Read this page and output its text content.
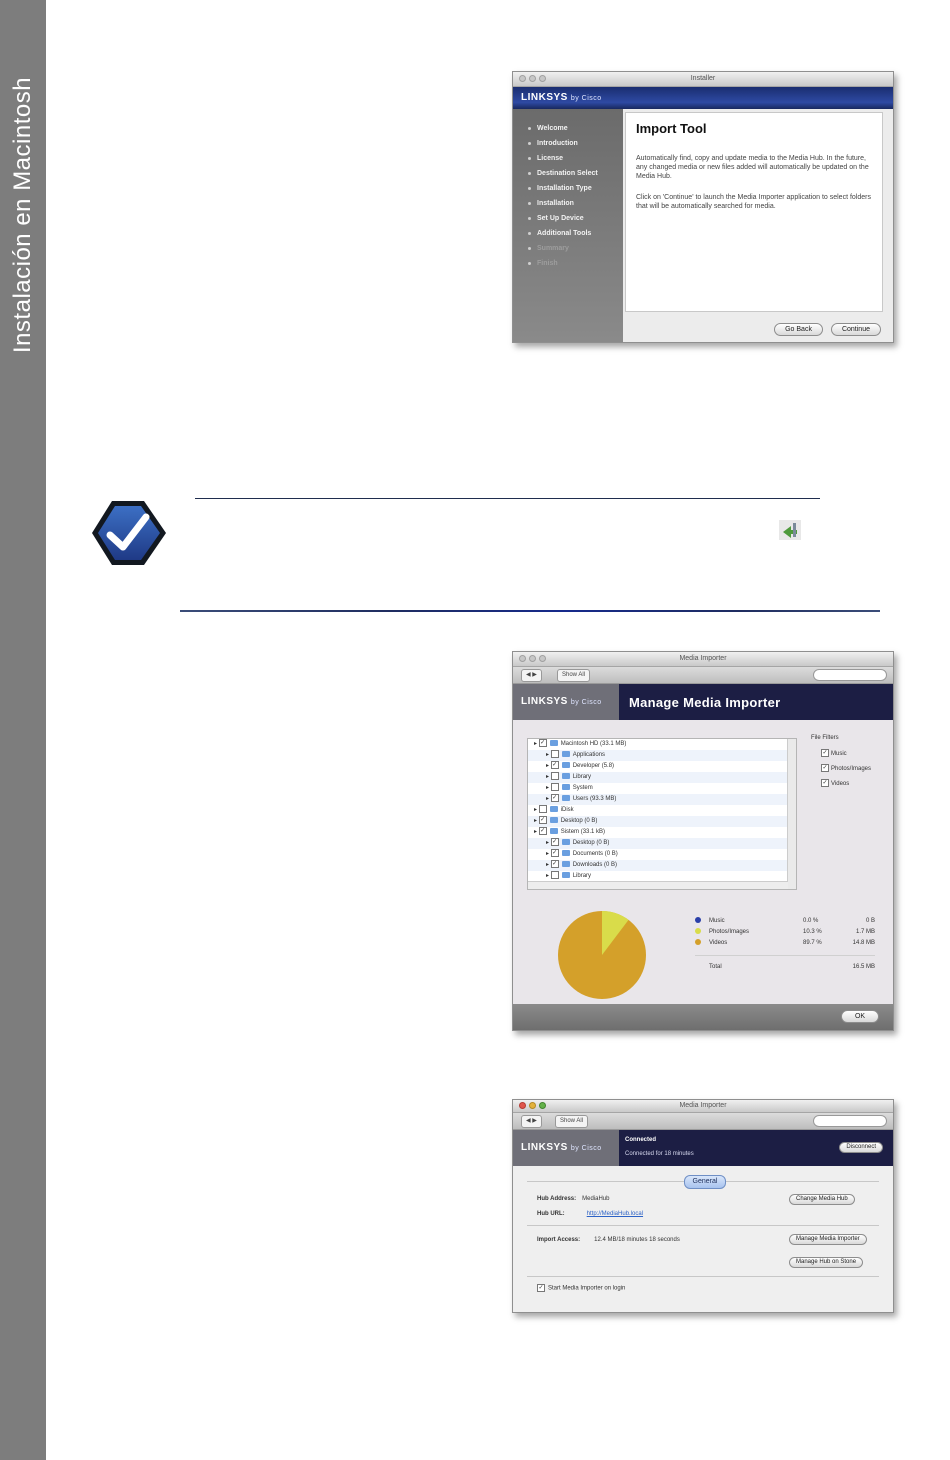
Instalación en Macintosh	Installer
LINKSYS by Cisco
Welcome
Introduction
License
Destination Select
Installation Type
Installation
Set Up Device
Additional Tools
Summary
Finish
Import Tool

Automatically find, copy and update media to the Media Hub. In the future, any changed media or new files added will automatically be updated on the Media Hub.

Click on 'Continue' to launch the Media Importer application to select folders that will be automatically searched for media.

Go Back	Continue
Media Importer
◀ ▶	Show All
LINKSYS by Cisco Manage Media Importer
▸ ✓	Macintosh HD (33.1 MB)
▸	Applications
▸ ✓	Developer (5.8)
▸	Library
▸	System
▸ ✓	Users (93.3 MB)
▸	iDisk
▸ ✓	Desktop (0 B)
▸ ✓	Sistem (33.1 kB)
▸ ✓	Desktop (0 B)
▸ ✓	Documents (0 B)
▸ ✓	Downloads (0 B)
▸	Library
File Filters
✓ Music
✓ Photos/Images
✓ Videos
Music	0.0 %	0 B
Photos/Images	10.3 %	1.7 MB
Videos	89.7 %	14.8 MB
Total	16.5 MB
OK
Media Importer
◀ ▶	Show All
LINKSYS by Cisco
Connected
Connected for 18 minutes
Disconnect
General
Hub Address: MediaHub
Hub URL:	http://MediaHub.local
Change Media Hub
Import Access: 12.4 MB/18 minutes 18 seconds	Manage Media Importer
Manage Hub on Stone
✓ Start Media Importer on login
